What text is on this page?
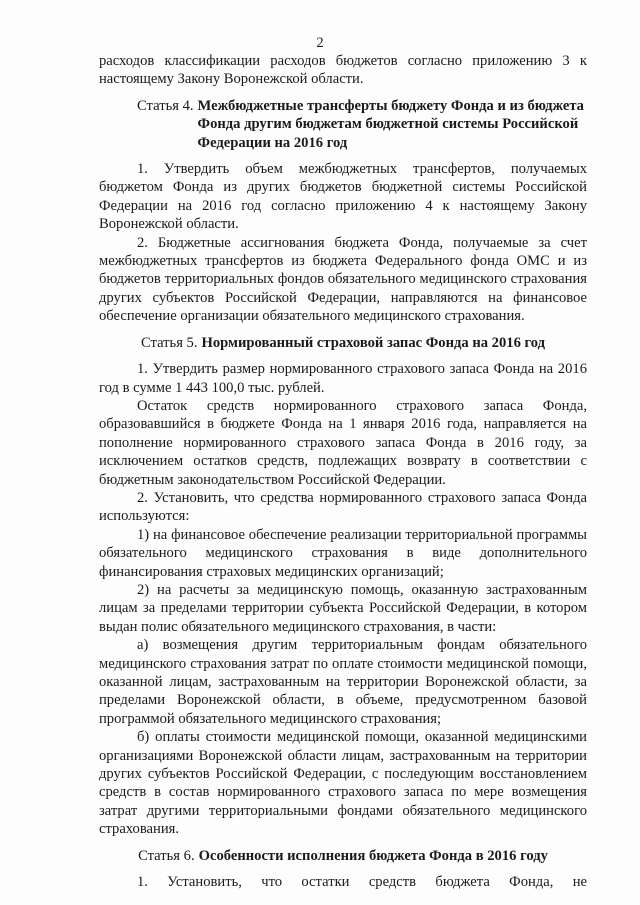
2

расходов классификации расходов бюджетов согласно приложению 3 к настоящему Закону Воронежской области.

Статья 4. Межбюджетные трансферты бюджету Фонда и из бюджета Фонда другим бюджетам бюджетной системы Российской Федерации на 2016 год

1. Утвердить объем межбюджетных трансфертов, получаемых бюджетом Фонда из других бюджетов бюджетной системы Российской Федерации на 2016 год согласно приложению 4 к настоящему Закону Воронежской области.

2. Бюджетные ассигнования бюджета Фонда, получаемые за счет межбюджетных трансфертов из бюджета Федерального фонда ОМС и из бюджетов территориальных фондов обязательного медицинского страхования других субъектов Российской Федерации, направляются на финансовое обеспечение организации обязательного медицинского страхования.

Статья 5. Нормированный страховой запас Фонда на 2016 год

1. Утвердить размер нормированного страхового запаса Фонда на 2016 год в сумме 1 443 100,0 тыс. рублей.

Остаток средств нормированного страхового запаса Фонда, образовавшийся в бюджете Фонда на 1 января 2016 года, направляется на пополнение нормированного страхового запаса Фонда в 2016 году, за исключением остатков средств, подлежащих возврату в соответствии с бюджетным законодательством Российской Федерации.

2. Установить, что средства нормированного страхового запаса Фонда используются:

1) на финансовое обеспечение реализации территориальной программы обязательного медицинского страхования в виде дополнительного финансирования страховых медицинских организаций;

2) на расчеты за медицинскую помощь, оказанную застрахованным лицам за пределами территории субъекта Российской Федерации, в котором выдан полис обязательного медицинского страхования, в части:

а) возмещения другим территориальным фондам обязательного медицинского страхования затрат по оплате стоимости медицинской помощи, оказанной лицам, застрахованным на территории Воронежской области, за пределами Воронежской области, в объеме, предусмотренном базовой программой обязательного медицинского страхования;

б) оплаты стоимости медицинской помощи, оказанной медицинскими организациями Воронежской области лицам, застрахованным на территории других субъектов Российской Федерации, с последующим восстановлением средств в состав нормированного страхового запаса по мере возмещения затрат другими территориальными фондами обязательного медицинского страхования.

Статья 6. Особенности исполнения бюджета Фонда в 2016 году

1. Установить, что остатки средств бюджета Фонда, не
